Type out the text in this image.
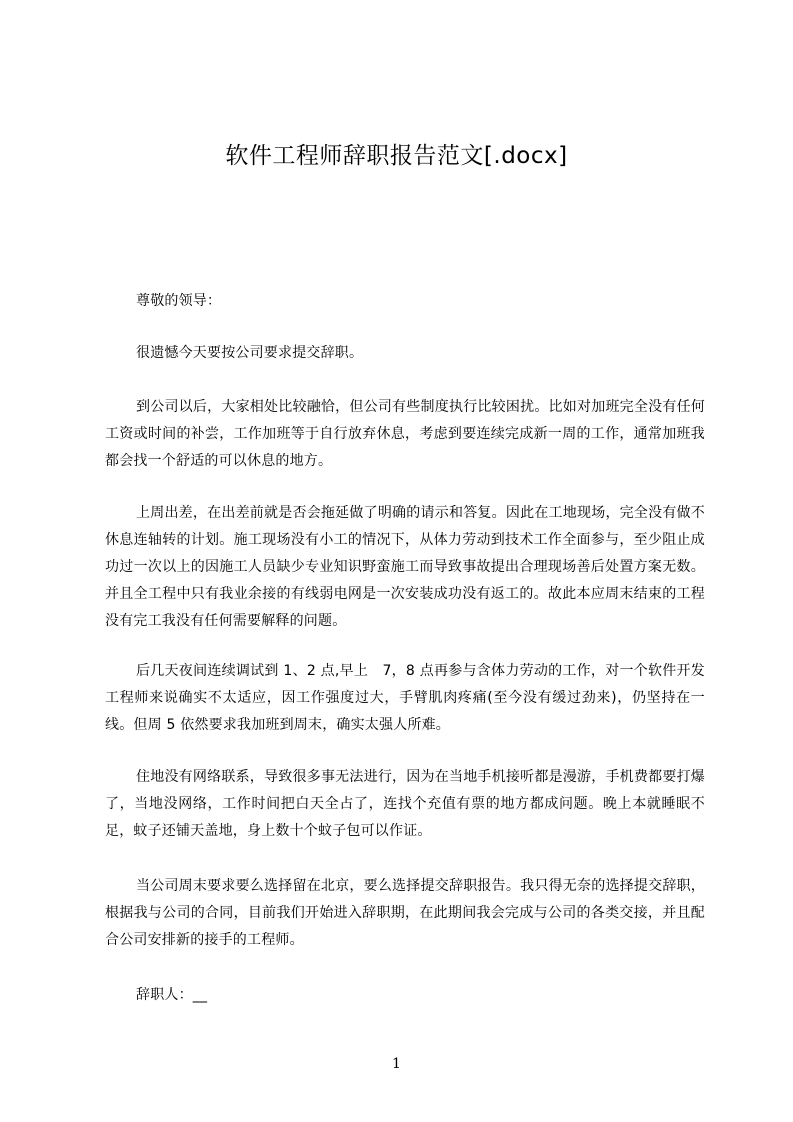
软件工程师辞职报告范文[.docx]
尊敬的领导：
很遗憾今天要按公司要求提交辞职。
到公司以后，大家相处比较融恰，但公司有些制度执行比较困扰。比如对加班完全没有任何工资或时间的补尝，工作加班等于自行放弃休息，考虑到要连续完成新一周的工作，通常加班我都会找一个舒适的可以休息的地方。
上周出差，在出差前就是否会拖延做了明确的请示和答复。因此在工地现场，完全没有做不休息连轴转的计划。施工现场没有小工的情况下，从体力劳动到技术工作全面参与，至少阻止成功过一次以上的因施工人员缺少专业知识野蛮施工而导致事故提出合理现场善后处置方案无数。并且全工程中只有我业余接的有线弱电网是一次安装成功没有返工的。故此本应周末结束的工程没有完工我没有任何需要解释的问题。
后几天夜间连续调试到 1、2 点,早上　7，8 点再参与含体力劳动的工作，对一个软件开发工程师来说确实不太适应，因工作强度过大，手臂肌肉疼痛(至今没有缓过劲来)，仍坚持在一线。但周 5 依然要求我加班到周末，确实太强人所难。
住地没有网络联系，导致很多事无法进行，因为在当地手机接听都是漫游，手机费都要打爆了，当地没网络，工作时间把白天全占了，连找个充值有票的地方都成问题。晚上本就睡眠不足，蚊子还铺天盖地，身上数十个蚊子包可以作证。
当公司周末要求要么选择留在北京，要么选择提交辞职报告。我只得无奈的选择提交辞职，根据我与公司的合同，目前我们开始进入辞职期，在此期间我会完成与公司的各类交接，并且配合公司安排新的接手的工程师。
辞职人：__
1
